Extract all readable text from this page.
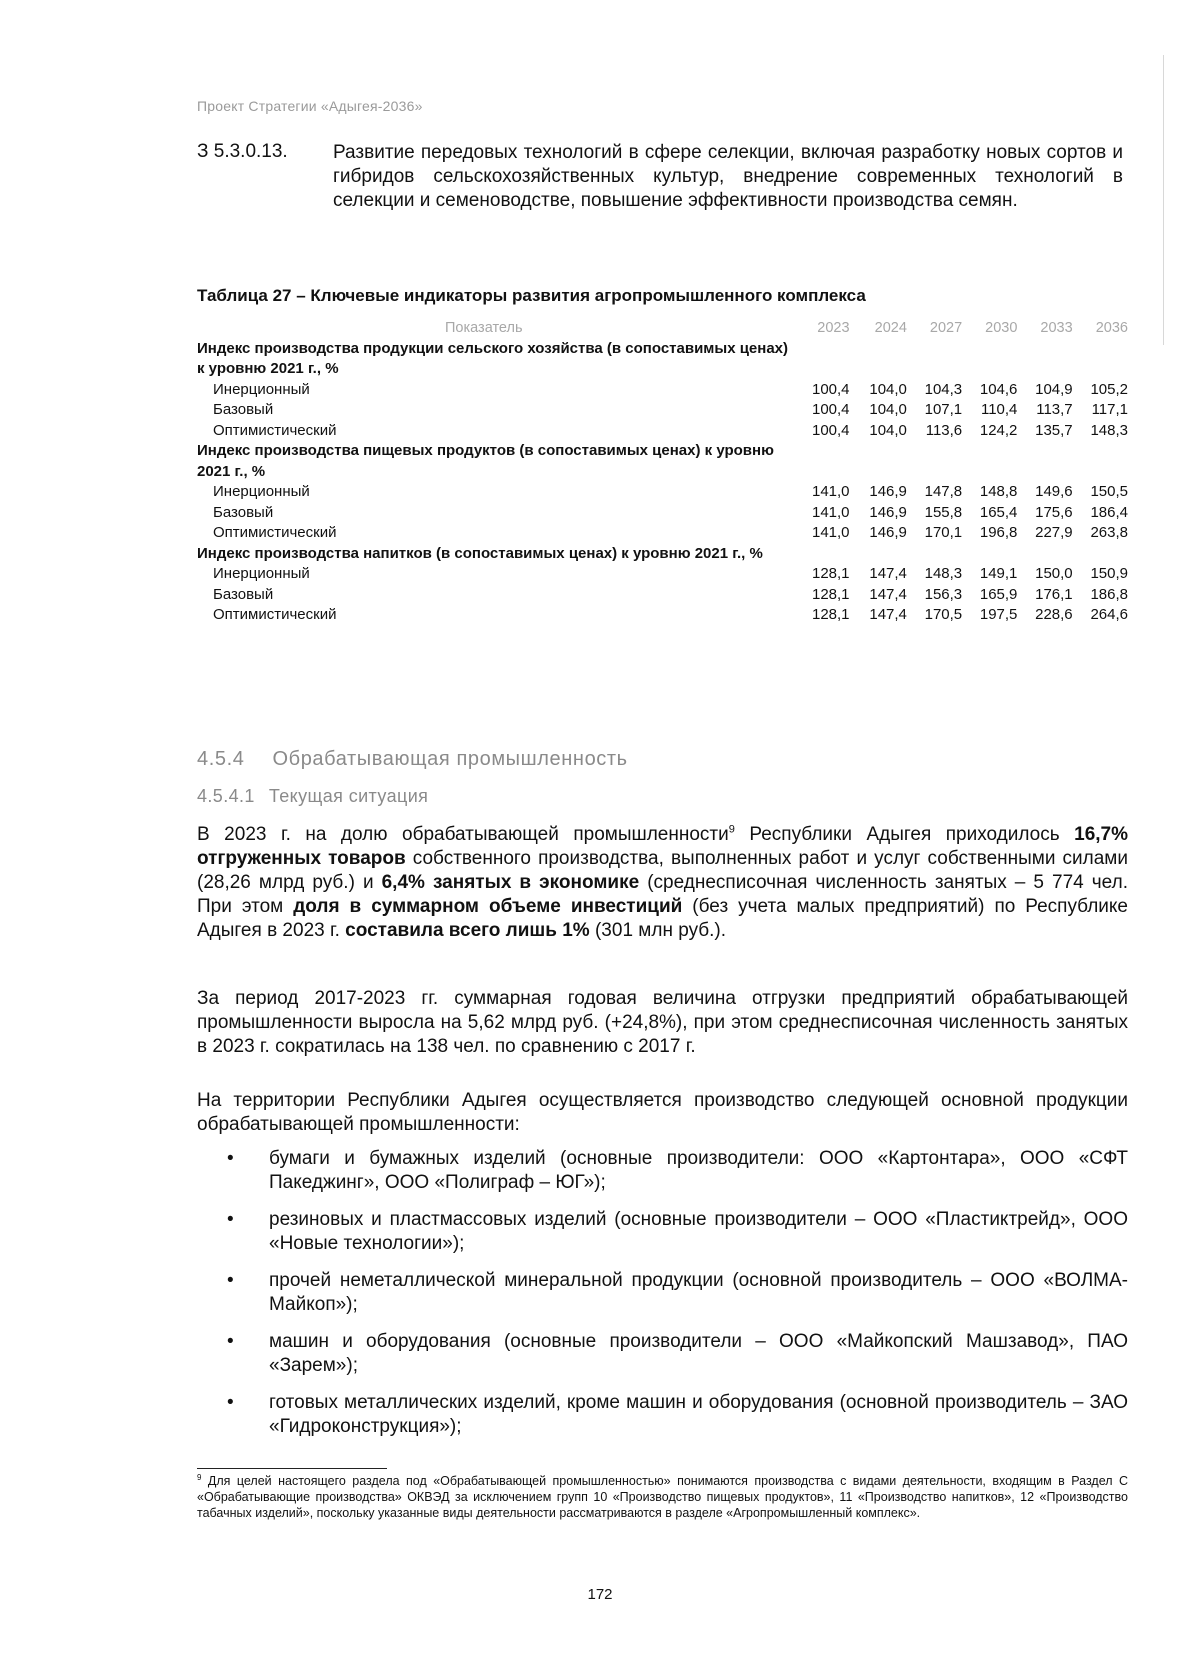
Проект Стратегии «Адыгея-2036»
З 5.3.0.13. Развитие передовых технологий в сфере селекции, включая разработку новых сортов и гибридов сельскохозяйственных культур, внедрение современных технологий в селекции и семеноводстве, повышение эффективности производства семян.
Таблица 27 – Ключевые индикаторы развития агропромышленного комплекса
Показатель	2023	2024	2027	2030	2033	2036
Индекс производства продукции сельского хозяйства (в сопоставимых ценах) к уровню 2021 г., %						
Инерционный	100,4	104,0	104,3	104,6	104,9	105,2
Базовый	100,4	104,0	107,1	110,4	113,7	117,1
Оптимистический	100,4	104,0	113,6	124,2	135,7	148,3
Индекс производства пищевых продуктов (в сопоставимых ценах) к уровню 2021 г., %						
Инерционный	141,0	146,9	147,8	148,8	149,6	150,5
Базовый	141,0	146,9	155,8	165,4	175,6	186,4
Оптимистический	141,0	146,9	170,1	196,8	227,9	263,8
Индекс производства напитков (в сопоставимых ценах) к уровню 2021 г., %						
Инерционный	128,1	147,4	148,3	149,1	150,0	150,9
Базовый	128,1	147,4	156,3	165,9	176,1	186,8
Оптимистический	128,1	147,4	170,5	197,5	228,6	264,6
4.5.4 Обрабатывающая промышленность
4.5.4.1 Текущая ситуация
В 2023 г. на долю обрабатывающей промышленности$^9$ Республики Адыгея приходилось 16,7% отгруженных товаров собственного производства, выполненных работ и услуг собственными силами (28,26 млрд руб.) и 6,4% занятых в экономике (среднесписочная численность занятых – 5 774 чел. При этом доля в суммарном объеме инвестиций (без учета малых предприятий) по Республике Адыгея в 2023 г. составила всего лишь 1% (301 млн руб.).
За период 2017-2023 гг. суммарная годовая величина отгрузки предприятий обрабатывающей промышленности выросла на 5,62 млрд руб. (+24,8%), при этом среднесписочная численность занятых в 2023 г. сократилась на 138 чел. по сравнению с 2017 г.
На территории Республики Адыгея осуществляется производство следующей основной продукции обрабатывающей промышленности:
• бумаги и бумажных изделий (основные производители: ООО «Картонтара», ООО «СФТ Пакеджинг», ООО «Полиграф – ЮГ»);
• резиновых и пластмассовых изделий (основные производители – ООО «Пластиктрейд», ООО «Новые технологии»);
• прочей неметаллической минеральной продукции (основной производитель – ООО «ВОЛМА-Майкоп»);
• машин и оборудования (основные производители – ООО «Майкопский Машзавод», ПАО «Зарем»);
• готовых металлических изделий, кроме машин и оборудования (основной производитель – ЗАО «Гидроконструкция»);
$^9$ Для целей настоящего раздела под «Обрабатывающей промышленностью» понимаются производства с видами деятельности, входящим в Раздел С «Обрабатывающие производства» ОКВЭД за исключением групп 10 «Производство пищевых продуктов», 11 «Производство напитков», 12 «Производство табачных изделий», поскольку указанные виды деятельности рассматриваются в разделе «Агропромышленный комплекс».
172
